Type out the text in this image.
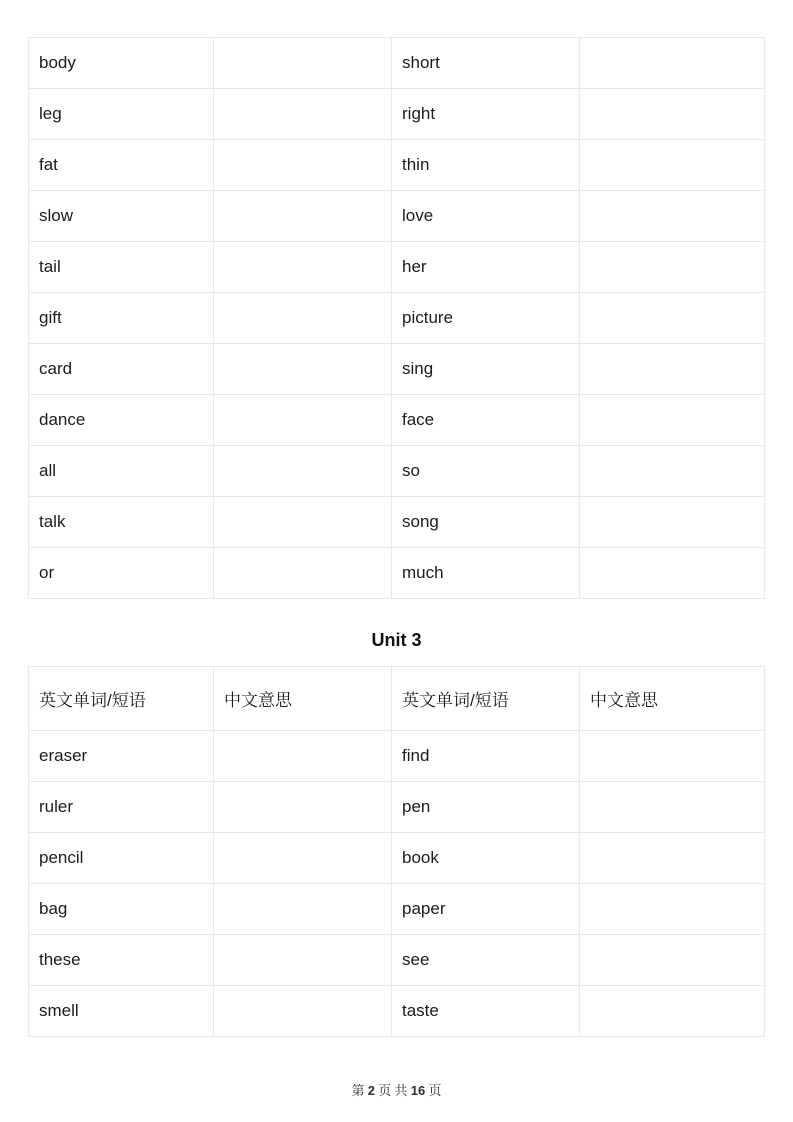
body		short	
leg		right	
fat		thin	
slow		love	
tail		her	
gift		picture	
card		sing	
dance		face	
all		so	
talk		song	
or		much	
Unit 3
英文单词/短语	中文意思	英文单词/短语	中文意思
eraser		find	
ruler		pen	
pencil		book	
bag		paper	
these		see	
smell		taste	
第 2 页 共 16 页
